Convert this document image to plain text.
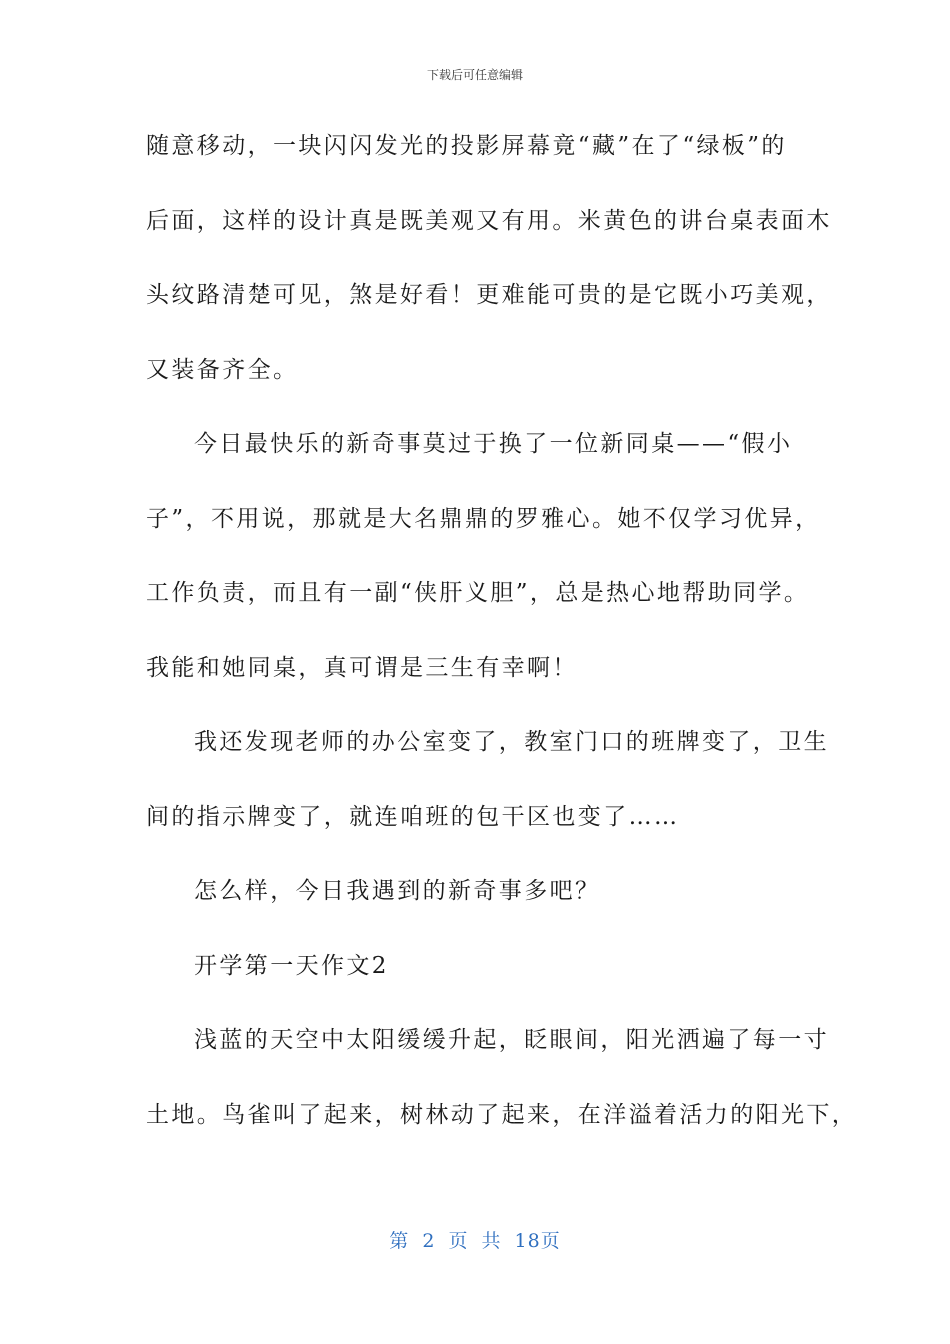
下载后可任意编辑
随意移动，一块闪闪发光的投影屏幕竟“藏”在了“绿板”的
后面，这样的设计真是既美观又有用。米黄色的讲台桌表面木
头纹路清楚可见，煞是好看！更难能可贵的是它既小巧美观，
又装备齐全。
今日最快乐的新奇事莫过于换了一位新同桌——“假小
子”，不用说，那就是大名鼎鼎的罗雅心。她不仅学习优异，
工作负责，而且有一副“侠肝义胆”，总是热心地帮助同学。
我能和她同桌，真可谓是三生有幸啊！
我还发现老师的办公室变了，教室门口的班牌变了，卫生
间的指示牌变了，就连咱班的包干区也变了……
怎么样，今日我遇到的新奇事多吧？
开学第一天作文2
浅蓝的天空中太阳缓缓升起，眨眼间，阳光洒遍了每一寸
土地。鸟雀叫了起来，树林动了起来，在洋溢着活力的阳光下，
第 2 页 共 18页
